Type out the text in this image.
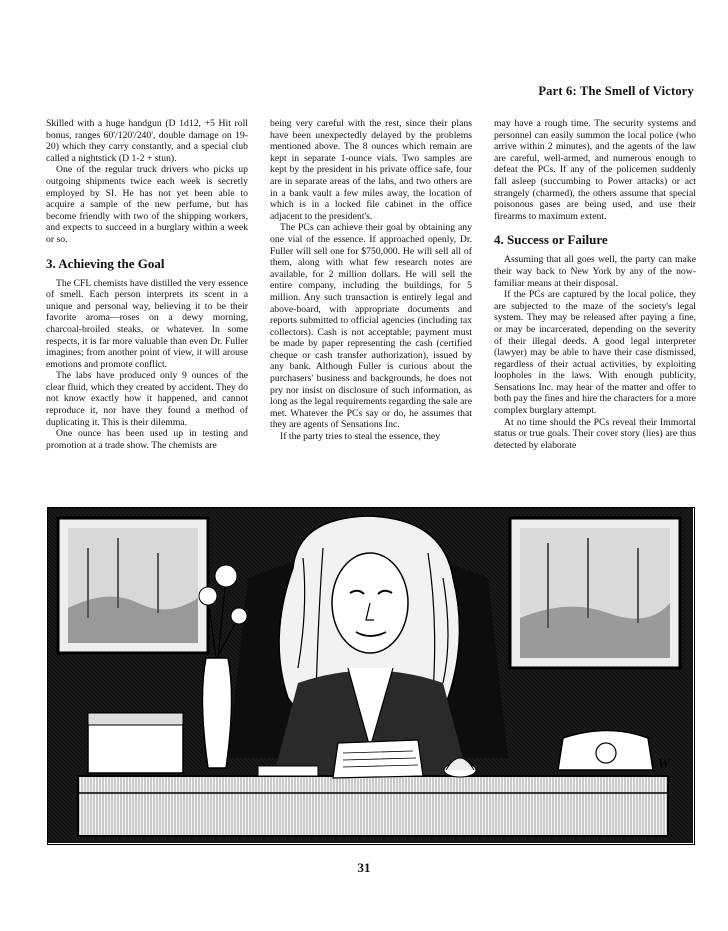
Part 6: The Smell of Victory

Skilled with a huge handgun (D 1d12, +5 Hit roll bonus, ranges 60'/120'/240', double damage on 19-20) which they carry constantly, and a special club called a nightstick (D 1-2 + stun).

One of the regular truck drivers who picks up outgoing shipments twice each week is secretly employed by SI. He has not yet been able to acquire a sample of the new perfume, but has become friendly with two of the shipping workers, and expects to succeed in a burglary within a week or so.

3. Achieving the Goal

The CFL chemists have distilled the very essence of smell. Each person interprets its scent in a unique and personal way, believing it to be their favorite aroma—roses on a dewy morning, charcoal-broiled steaks, or whatever. In some respects, it is far more valuable than even Dr. Fuller imagines; from another point of view, it will arouse emotions and promote conflict.

The labs have produced only 9 ounces of the clear fluid, which they created by accident. They do not know exactly how it happened, and cannot reproduce it, nor have they found a method of duplicating it. This is their dilemma.

One ounce has been used up in testing and promotion at a trade show. The chemists are

being very careful with the rest, since their plans have been unexpectedly delayed by the problems mentioned above. The 8 ounces which remain are kept in separate 1-ounce vials. Two samples are kept by the president in his private office safe, four are in separate areas of the labs, and two others are in a bank vault a few miles away, the location of which is in a locked file cabinet in the office adjacent to the president's.

The PCs can achieve their goal by obtaining any one vial of the essence. If approached openly, Dr. Fuller will sell one for $750,000. He will sell all of them, along with what few research notes are available, for 2 million dollars. He will sell the entire company, including the buildings, for 5 million. Any such transaction is entirely legal and above-board, with appropriate documents and reports submitted to official agencies (including tax collectors). Cash is not acceptable; payment must be made by paper representing the cash (certified cheque or cash transfer authorization), issued by any bank. Although Fuller is curious about the purchasers' business and backgrounds, he does not pry nor insist on disclosure of such information, as long as the legal requirements regarding the sale are met. Whatever the PCs say or do, he assumes that they are agents of Sensations Inc.

If the party tries to steal the essence, they

may have a rough time. The security systems and personnel can easily summon the local police (who arrive within 2 minutes), and the agents of the law are careful, well-armed, and numerous enough to defeat the PCs. If any of the policemen suddenly fall asleep (succumbing to Power attacks) or act strangely (charmed), the others assume that special poisonous gases are being used, and use their firearms to maximum extent.

4. Success or Failure

Assuming that all goes well, the party can make their way back to New York by any of the now-familiar means at their disposal.

If the PCs are captured by the local police, they are subjected to the maze of the society's legal system. They may be released after paying a fine, or may be incarcerated, depending on the severity of their illegal deeds. A good legal interpreter (lawyer) may be able to have their case dismissed, regardless of their actual activities, by exploiting loopholes in the laws. With enough publicity, Sensations Inc. may hear of the matter and offer to both pay the fines and hire the characters for a more complex burglary attempt.

At no time should the PCs reveal their Immortal status or true goals. Their cover story (lies) are thus detected by elaborate

W
31
